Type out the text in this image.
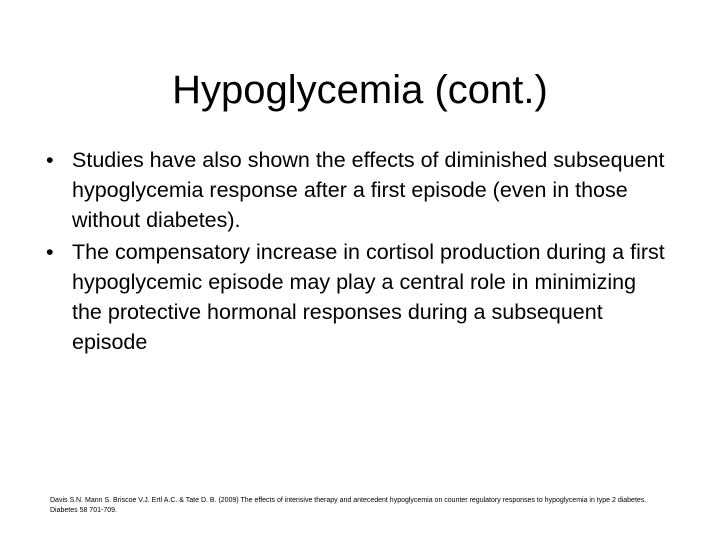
Hypoglycemia (cont.)
• Studies have also shown the effects of diminished subsequent hypoglycemia response after a first episode (even in those without diabetes).
• The compensatory increase in cortisol production during a first hypoglycemic episode may play a central role in minimizing the protective hormonal responses during a subsequent episode
Davis S.N. Mann S. Briscoe V.J. Ertl A.C. & Tate D. B. (2009) The effects of intensive therapy and antecedent hypoglycemia on counter regulatory responses to hypoglycemia in type 2 diabetes. Diabetes 58 701-709.
